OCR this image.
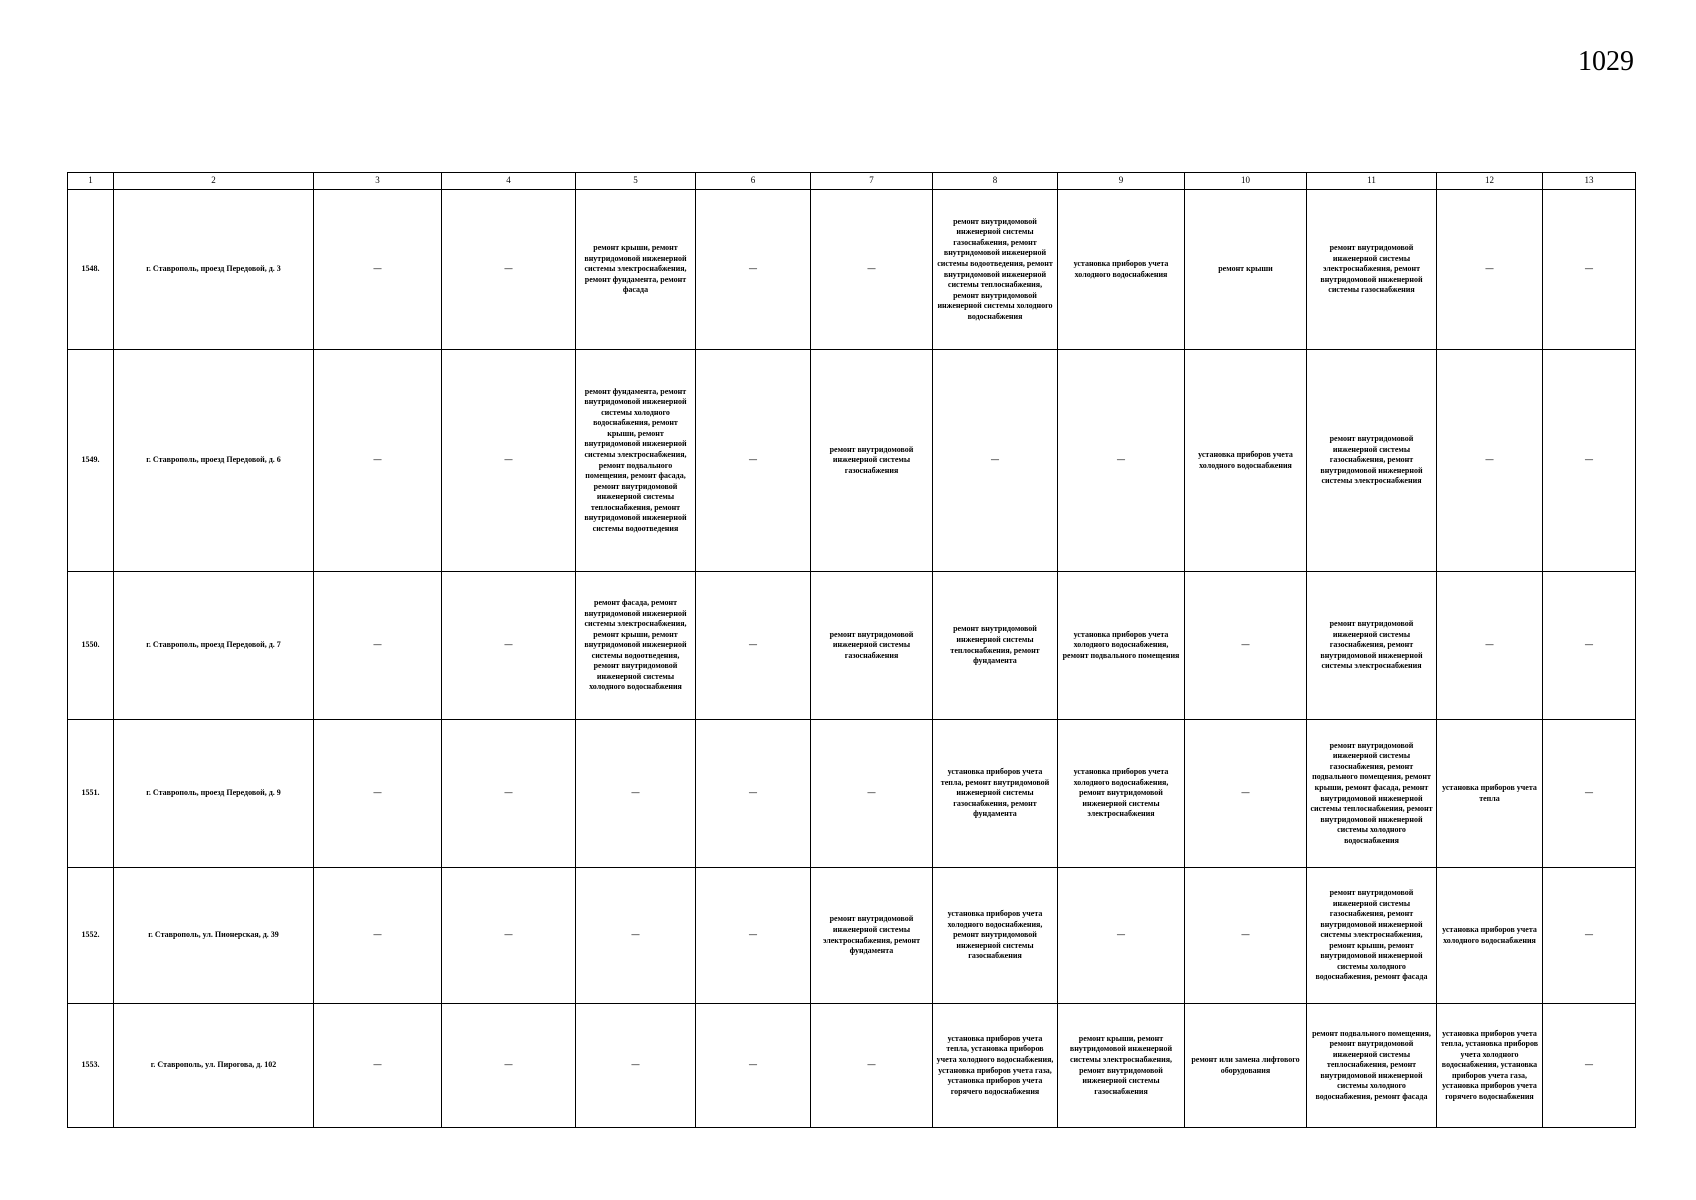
1029
1	2	3	4	5	6	7	8	9	10	11	12	13
1548.	г. Ставрополь, проезд Передовой, д. 3	—	—	ремонт крыши, ремонт внутридомовой инженерной системы электроснабжения, ремонт фундамента, ремонт фасада	—	—	ремонт внутридомовой инженерной системы газоснабжения, ремонт внутридомовой инженерной системы водоотведения, ремонт внутридомовой инженерной системы теплоснабжения, ремонт внутридомовой инженерной системы холодного водоснабжения	установка приборов учета холодного водоснабжения	ремонт крыши	ремонт внутридомовой инженерной системы электроснабжения, ремонт внутридомовой инженерной системы газоснабжения	—	—
1549.	г. Ставрополь, проезд Передовой, д. 6	—	—	ремонт фундамента, ремонт внутридомовой инженерной системы холодного водоснабжения, ремонт крыши, ремонт внутридомовой инженерной системы электроснабжения, ремонт подвального помещения, ремонт фасада, ремонт внутридомовой инженерной системы теплоснабжения, ремонт внутридомовой инженерной системы водоотведения	—	ремонт внутридомовой инженерной системы газоснабжения	—	—	установка приборов учета холодного водоснабжения	ремонт внутридомовой инженерной системы газоснабжения, ремонт внутридомовой инженерной системы электроснабжения	—	—
1550.	г. Ставрополь, проезд Передовой, д. 7	—	—	ремонт фасада, ремонт внутридомовой инженерной системы электроснабжения, ремонт крыши, ремонт внутридомовой инженерной системы водоотведения, ремонт внутридомовой инженерной системы холодного водоснабжения	—	ремонт внутридомовой инженерной системы газоснабжения	ремонт внутридомовой инженерной системы теплоснабжения, ремонт фундамента	установка приборов учета холодного водоснабжения, ремонт подвального помещения	—	ремонт внутридомовой инженерной системы газоснабжения, ремонт внутридомовой инженерной системы электроснабжения	—	—
1551.	г. Ставрополь, проезд Передовой, д. 9	—	—	—	—	—	установка приборов учета тепла, ремонт внутридомовой инженерной системы газоснабжения, ремонт фундамента	установка приборов учета холодного водоснабжения, ремонт внутридомовой инженерной системы электроснабжения	—	ремонт внутридомовой инженерной системы газоснабжения, ремонт подвального помещения, ремонт крыши, ремонт фасада, ремонт внутридомовой инженерной системы теплоснабжения, ремонт внутридомовой инженерной системы холодного водоснабжения	установка приборов учета тепла	—
1552.	г. Ставрополь, ул. Пионерская, д. 39	—	—	—	—	ремонт внутридомовой инженерной системы электроснабжения, ремонт фундамента	установка приборов учета холодного водоснабжения, ремонт внутридомовой инженерной системы газоснабжения	—	—	ремонт внутридомовой инженерной системы газоснабжения, ремонт внутридомовой инженерной системы электроснабжения, ремонт крыши, ремонт внутридомовой инженерной системы холодного водоснабжения, ремонт фасада	установка приборов учета холодного водоснабжения	—
1553.	г. Ставрополь, ул. Пирогова, д. 102	—	—	—	—	—	установка приборов учета тепла, установка приборов учета холодного водоснабжения, установка приборов учета газа, установка приборов учета горячего водоснабжения	ремонт крыши, ремонт внутридомовой инженерной системы электроснабжения, ремонт внутридомовой инженерной системы газоснабжения	ремонт или замена лифтового оборудования	ремонт подвального помещения, ремонт внутридомовой инженерной системы теплоснабжения, ремонт внутридомовой инженерной системы холодного водоснабжения, ремонт фасада	установка приборов учета тепла, установка приборов учета холодного водоснабжения, установка приборов учета газа, установка приборов учета горячего водоснабжения	—
